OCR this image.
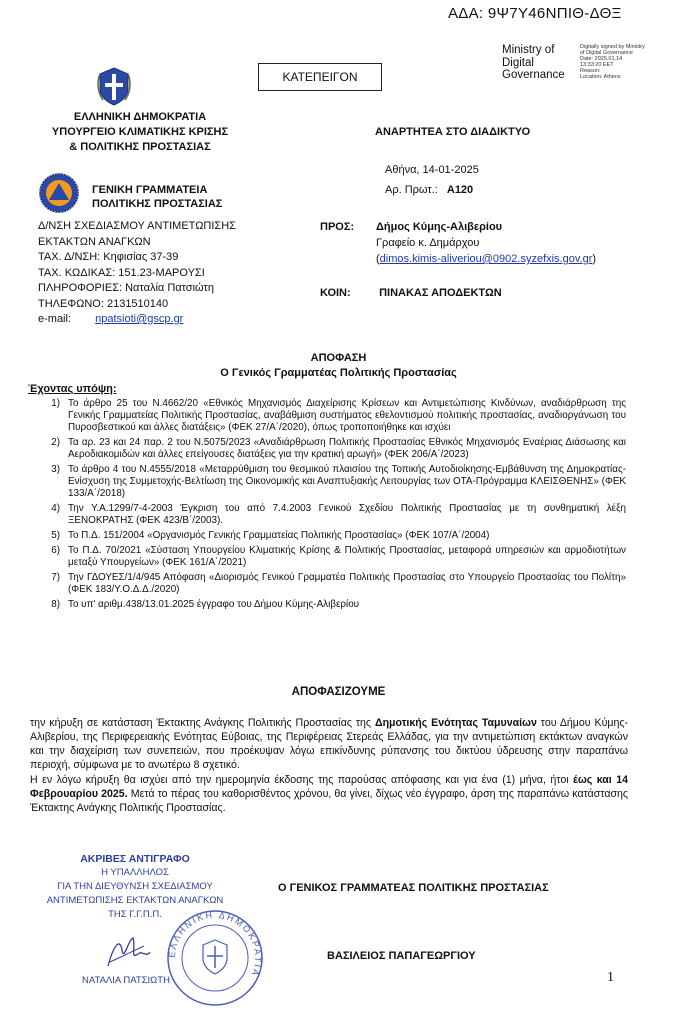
ΑΔΑ: 9Ψ7Υ46ΝΠΙΘ-ΔΘΞ
Ministry of
Digital
Governance
Digitally signed by Ministry
of Digital Governance
Date: 2025.01.14
13:33:20 EET
Reason:
Location: Athens
ΚΑΤΕΠΕΙΓΟΝ
ΕΛΛΗΝΙΚΗ ΔΗΜΟΚΡΑΤΙΑ
ΥΠΟΥΡΓΕΙΟ ΚΛΙΜΑΤΙΚΗΣ ΚΡΙΣΗΣ
& ΠΟΛΙΤΙΚΗΣ ΠΡΟΣΤΑΣΙΑΣ
ΓΕΝΙΚΗ ΓΡΑΜΜΑΤΕΙΑ
ΠΟΛΙΤΙΚΗΣ ΠΡΟΣΤΑΣΙΑΣ
Δ/ΝΣΗ ΣΧΕΔΙΑΣΜΟΥ ΑΝΤΙΜΕΤΩΠΙΣΗΣ
ΕΚΤΑΚΤΩΝ ΑΝΑΓΚΩΝ
ΤΑΧ. Δ/ΝΣΗ: Κηφισίας 37-39
ΤΑΧ. ΚΩΔΙΚΑΣ: 151.23-ΜΑΡΟΥΣΙ
ΠΛΗΡΟΦΟΡΙΕΣ: Ναταλία Πατσιώτη
ΤΗΛΕΦΩΝΟ: 2131510140
e-mail: npatsioti@gscp.gr
ΑΝΑΡΤΗΤΕΑ ΣΤΟ ΔΙΑΔΙΚΤΥΟ
Αθήνα, 14-01-2025
Αρ. Πρωτ.: Α120
ΠΡΟΣ:	Δήμος Κύμης-Αλιβερίου
Γραφείο κ. Δημάρχου
(dimos.kimis-aliveriou@0902.syzefxis.gov.gr)
ΚΟΙΝ:	ΠΙΝΑΚΑΣ ΑΠΟΔΕΚΤΩΝ
ΑΠΟΦΑΣΗ
Ο Γενικός Γραμματέας Πολιτικής Προστασίας
Έχοντας υπόψη:
1) Το άρθρο 25 του Ν.4662/20 «Εθνικός Μηχανισμός Διαχείρισης Κρίσεων και Αντιμετώπισης Κινδύνων, αναδιάρθρωση της Γενικής Γραμματείας Πολιτικής Προστασίας, αναβάθμιση συστήματος εθελοντισμού πολιτικής προστασίας, αναδιοργάνωση του Πυροσβεστικού και άλλες διατάξεις» (ΦΕΚ 27/Α΄/2020), όπως τροποποιήθηκε και ισχύει
2) Τα αρ. 23 και 24 παρ. 2 του Ν.5075/2023 «Αναδιάρθρωση Πολιτικής Προστασίας Εθνικός Μηχανισμός Εναέριας Διάσωσης και Αεροδιακομιδών και άλλες επείγουσες διατάξεις για την κρατική αρωγή» (ΦΕΚ 206/Α΄/2023)
3) Το άρθρο 4 του Ν.4555/2018 «Μεταρρύθμιση του θεσμικού πλαισίου της Τοπικής Αυτοδιοίκησης-Εμβάθυνση της Δημοκρατίας-Ενίσχυση της Συμμετοχής-Βελτίωση της Οικονομικής και Αναπτυξιακής Λειτουργίας των ΟΤΑ-Πρόγραμμα ΚΛΕΙΣΘΕΝΗΣ» (ΦΕΚ 133/Α΄/2018)
4) Την Υ.Α.1299/7-4-2003 Έγκριση του από 7.4.2003 Γενικού Σχεδίου Πολιτικής Προστασίας με τη συνθηματική λέξη ΞΕΝΟΚΡΑΤΗΣ (ΦΕΚ 423/Β΄/2003).
5) Το Π.Δ. 151/2004 «Οργανισμός Γενικής Γραμματείας Πολιτικής Προστασίας» (ΦΕΚ 107/Α΄/2004)
6) Το Π.Δ. 70/2021 «Σύσταση Υπουργείου Κλιματικής Κρίσης & Πολιτικής Προστασίας, μεταφορά υπηρεσιών και αρμοδιοτήτων μεταξύ Υπουργείων» (ΦΕΚ 161/Α΄/2021)
7) Την ΓΔΟΥΕΣ/1/4/945 Απόφαση «Διορισμός Γενικού Γραμματέα Πολιτικής Προστασίας στο Υπουργείο Προστασίας του Πολίτη» (ΦΕΚ 183/Υ.Ο.Δ.Δ./2020)
8) Το υπ' αριθμ.438/13.01.2025 έγγραφο του Δήμου Κύμης-Αλιβερίου
ΑΠΟΦΑΣΙΖΟΥΜΕ

την κήρυξη σε κατάσταση Έκτακτης Ανάγκης Πολιτικής Προστασίας της Δημοτικής Ενότητας Ταμυναίων του Δήμου Κύμης-Αλιβερίου, της Περιφερειακής Ενότητας Εύβοιας, της Περιφέρειας Στερεάς Ελλάδας, για την αντιμετώπιση εκτάκτων αναγκών και την διαχείριση των συνεπειών, που προέκυψαν λόγω επικίνδυνης ρύπανσης του δικτύου ύδρευσης στην παραπάνω περιοχή, σύμφωνα με το ανωτέρω 8 σχετικό.

Η εν λόγω κήρυξη θα ισχύει από την ημερομηνία έκδοσης της παρούσας απόφασης και για ένα (1) μήνα, ήτοι έως και 14 Φεβρουαρίου 2025. Μετά το πέρας του καθορισθέντος χρόνου, θα γίνει, δίχως νέο έγγραφο, άρση της παραπάνω κατάστασης Έκτακτης Ανάγκης Πολιτικής Προστασίας.

ΑΚΡΙΒΕΣ ΑΝΤΙΓΡΑΦΟ
Η ΥΠΑΛΛΗΛΟΣ
ΓΙΑ ΤΗΝ ΔΙΕΥΘΥΝΣΗ ΣΧΕΔΙΑΣΜΟΥ
ΑΝΤΙΜΕΤΩΠΙΣΗΣ ΕΚΤΑΚΤΩΝ ΑΝΑΓΚΩΝ
ΤΗΣ Γ.Γ.Π.Π.
ΕΛΛΗΝΙΚΗ ΔΗΜΟΚΡΑΤΙΑ
ΝΑΤΑΛΙΑ ΠΑΤΣΙΩΤΗ
Ο ΓΕΝΙΚΟΣ ΓΡΑΜΜΑΤΕΑΣ ΠΟΛΙΤΙΚΗΣ ΠΡΟΣΤΑΣΙΑΣ
ΒΑΣΙΛΕΙΟΣ ΠΑΠΑΓΕΩΡΓΙΟΥ
1
